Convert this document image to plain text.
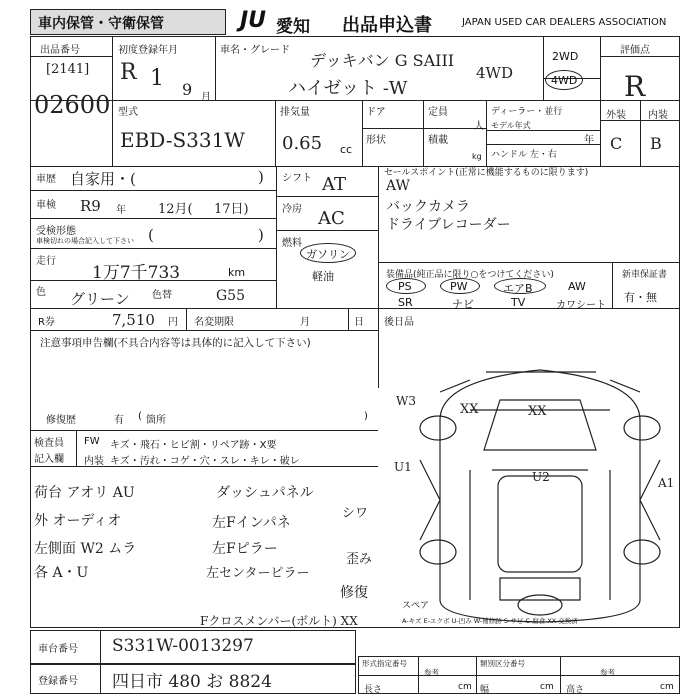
車内保管・守衛保管	JU 愛知 出品申込書	JAPAN USED CAR DEALERS ASSOCIATION
出品番号
[2141]
02600
初度登録年月
R 1 9 月
車名・グレード
デッキバン G SAIII
ハイゼット -W
4WD
2WD
4WD
評価点
R
外装 内装
C B
型式
EBD-S331W
排気量
0.65 cc
ドア
形状
定員
人
積載
kg
ディーラー・並行
モデル年式
年
ハンドル 左・右
車歴 自家用・(	)
車検 R9 年 12月( 17日)
受検形態
車検切れの場合記入して下さい (	)
走行
1万7千733	km
色 グリーン 色替	G55
シフト AT
冷房 AC
燃料
ガソリン
軽油
セールスポイント(正常に機能するものに限ります)
AW
バックカメラ
ドライブレコーダー
装備品(純正品に限り○をつけてください)
PS	PW	エアB	AW
SR	ナビ	TV	カワシート
新車保証書
有・無
R券	7,510 円 名変期限	月	日 後日品
注意事項申告欄(不具合内容等は具体的に記入して下さい)
修復歴	有 ( 箇所	)
検査員記入欄
FW キズ・飛石・ヒビ割・リペア跡・X要
内装 キズ・汚れ・コゲ・穴・スレ・キレ・破レ
荷台 アオリ AU
外 オーディオ
左側面 W2 ムラ
各 A・U
ダッシュパネル
左Fインパネ
左Fピラー
左センターピラー
シワ
歪み
修復
Fクロスメンバー(ボルト) XX
W3
XX	XX
U1
U2	A1
スペア
A-キズ E-エクボ U-凹み W-補修跡 S-サビ C-腐食 XX-交換済
車台番号 S331W-0013297
登録番号 四日市 480 お 8824
形式指定番号	類別区分番号
参考	参考
長さ	cm 幅	cm 高さ	cm
